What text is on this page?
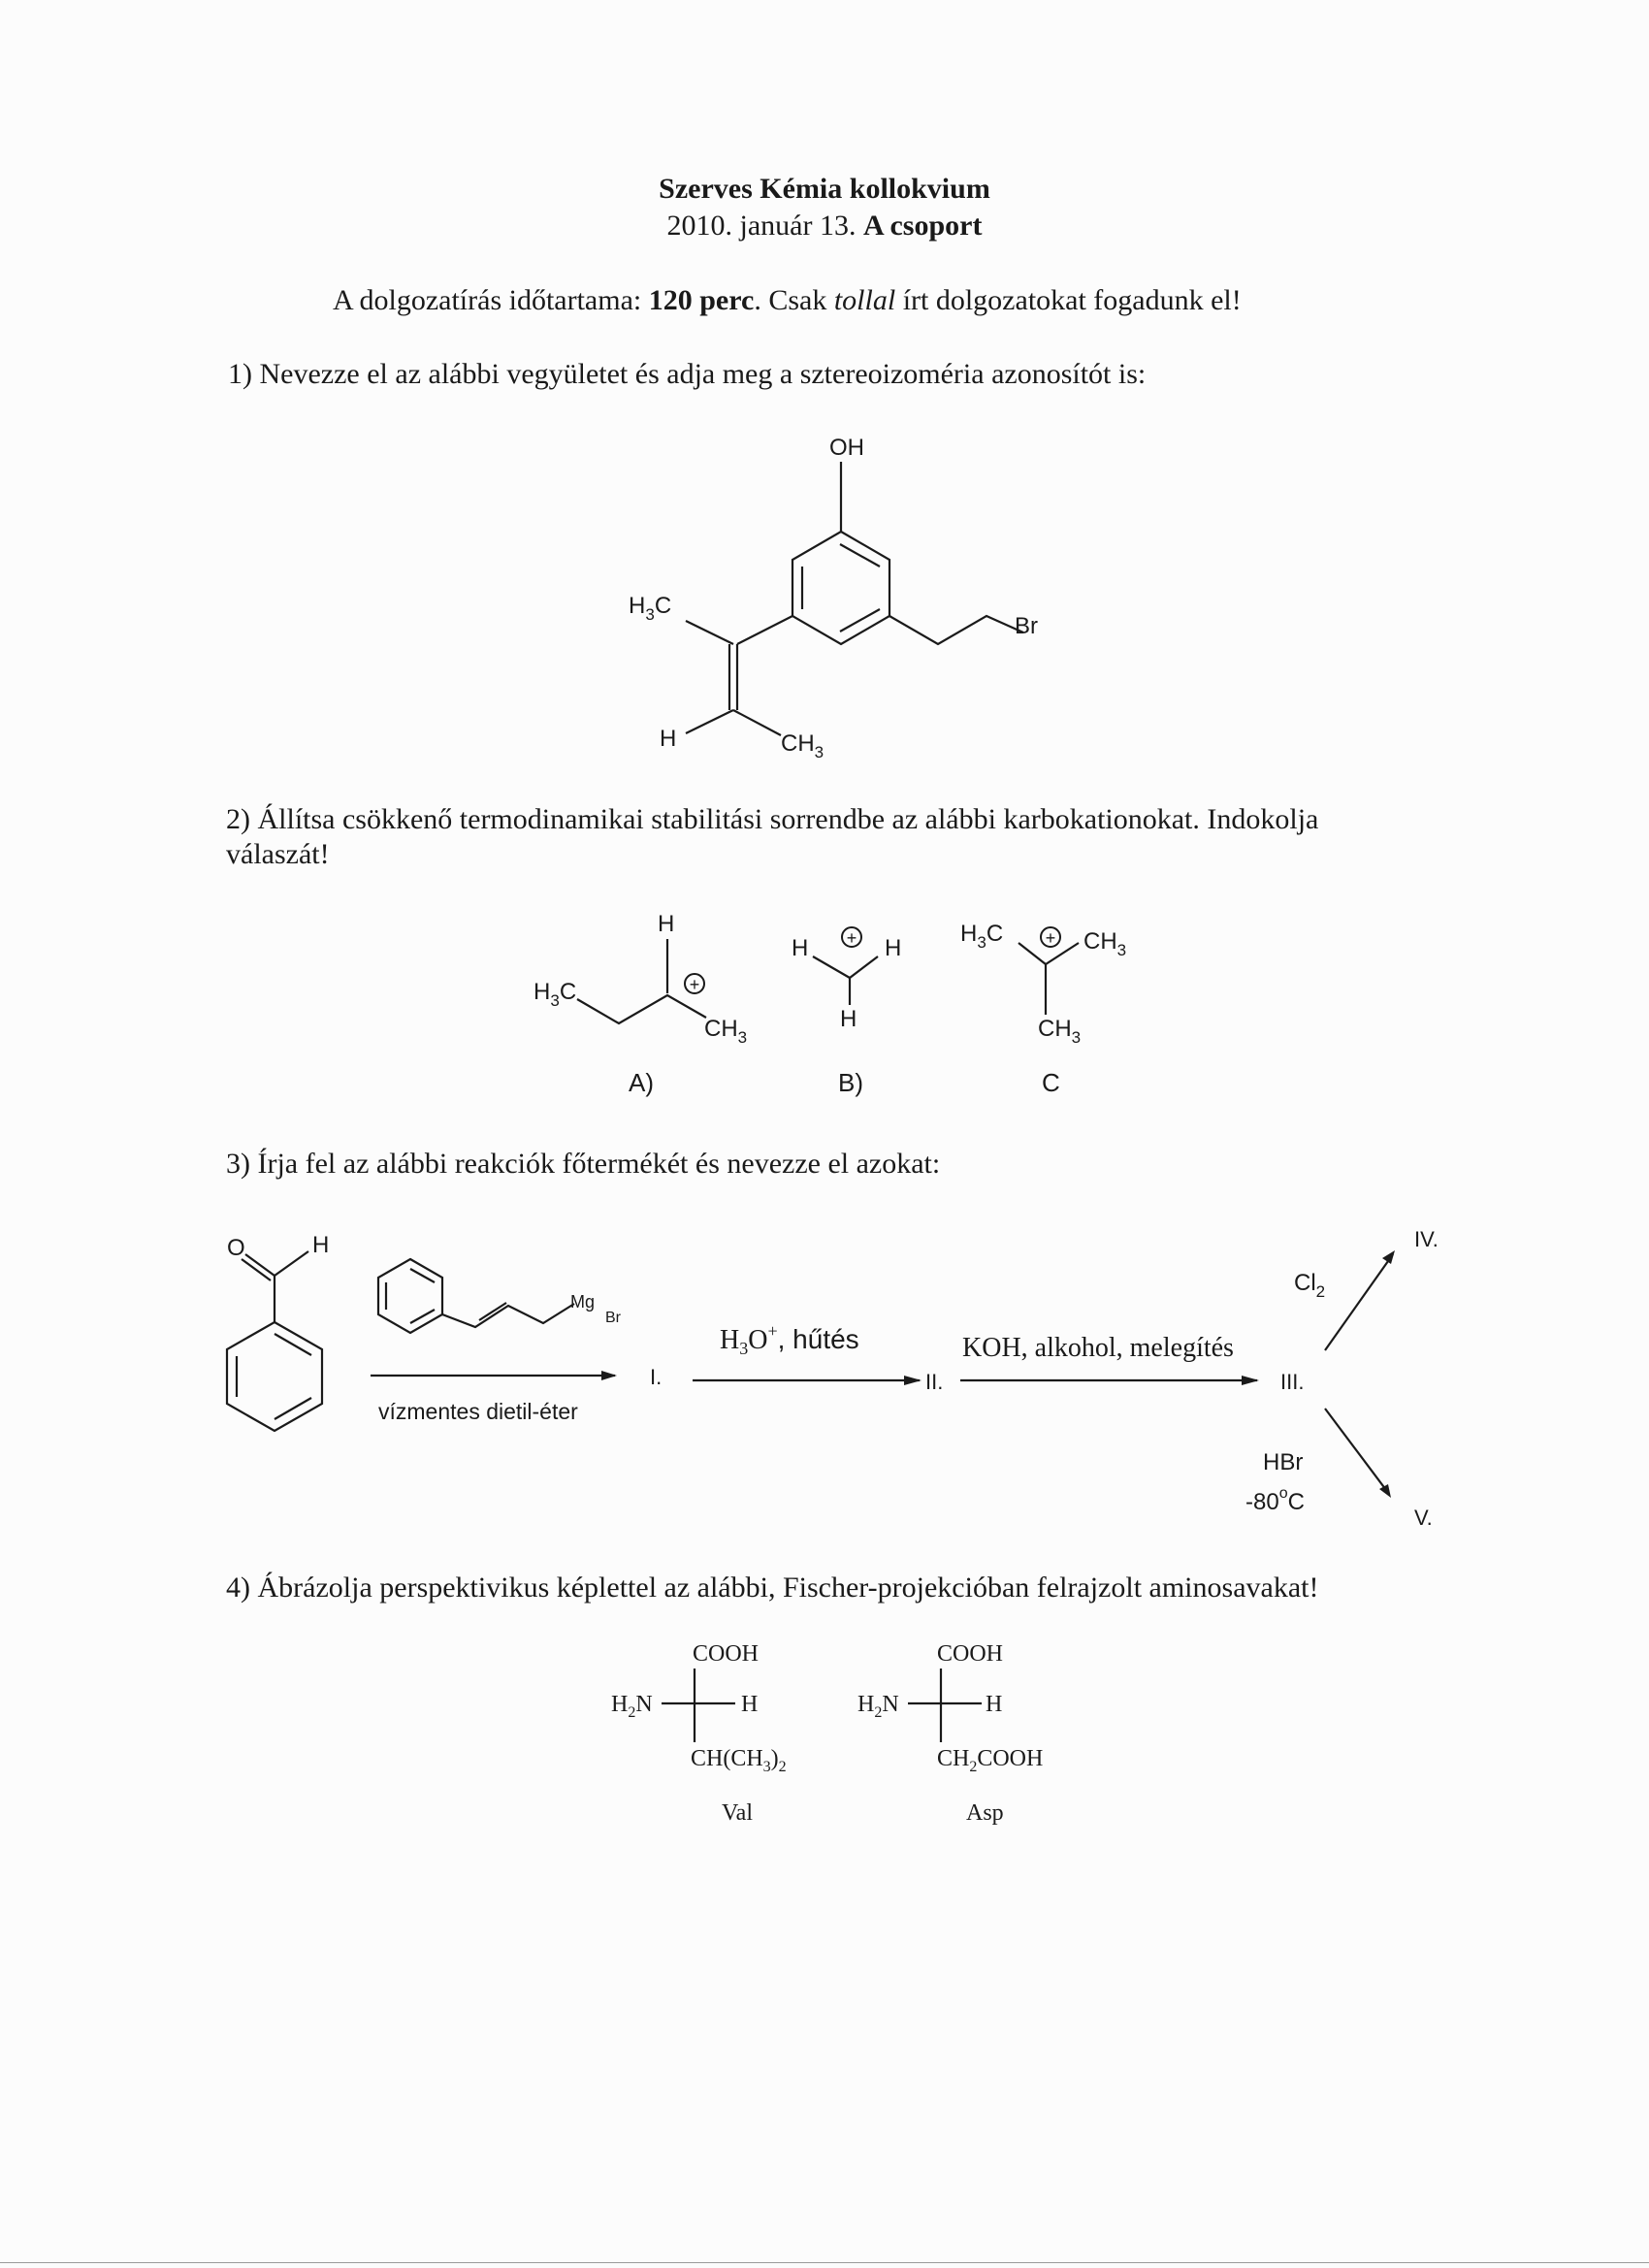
Szerves Kémia kollokvium
2010. január 13. A csoport
A dolgozatírás időtartama: 120 perc. Csak tollal írt dolgozatokat fogadunk el!
1) Nevezze el az alábbi vegyületet és adja meg a sztereoizoméria azonosítót is:
2) Állítsa csökkenő termodinamikai stabilitási sorrendbe az alábbi karbokationokat. Indokolja
válaszát!
3) Írja fel az alábbi reakciók főtermékét és nevezze el azokat:
4) Ábrázolja perspektivikus képlettel az alábbi, Fischer-projekcióban felrajzolt aminosavakat!
OH
Br
$H_3C$
H	$CH_3$
H
$H_3C$
$CH_3$
+
A)
H	H
H
+
B)
$H_3C$	$CH_3$
$CH_3$
+
C
O	H
Mg
Br
vízmentes dietil-éter
I.
$H_3O^+$, hűtés
II.
KOH, alkohol, melegítés
III.
$Cl_2$
IV.
HBr
-80$^o$C
V.
COOH
$H_2N$	H
$CH(CH_3)_2$
Val
COOH
$H_2N$	H
$CH_2COOH$
Asp
